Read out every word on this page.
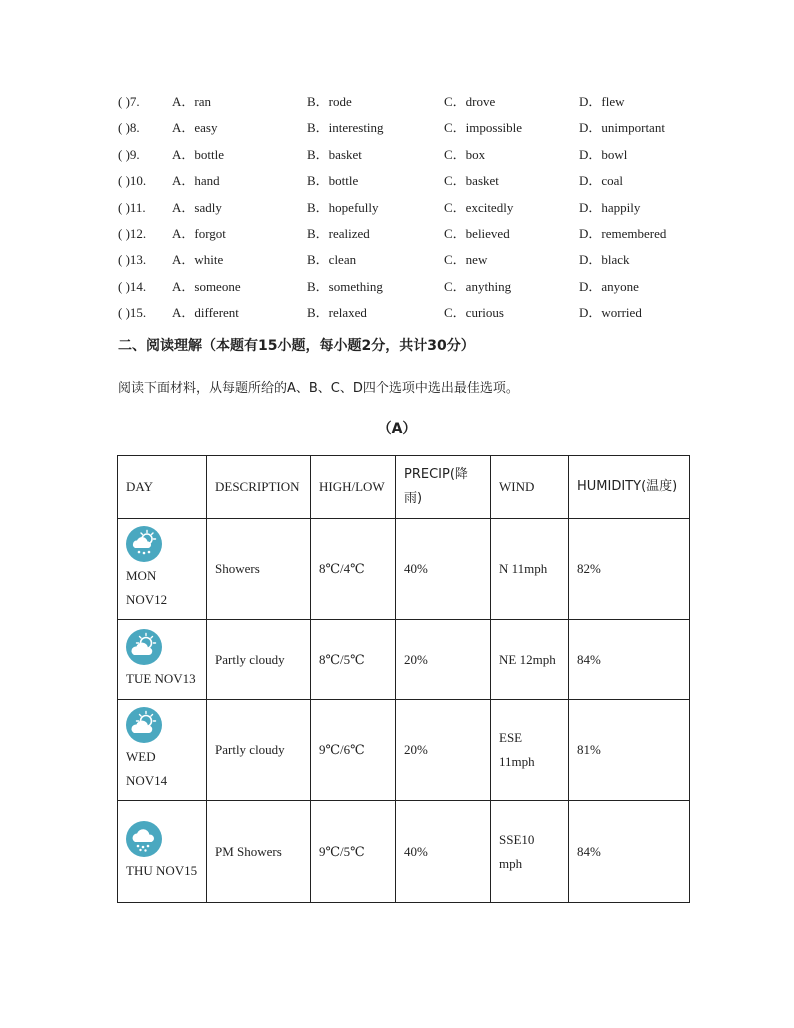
( )7. A．ran	B．rode	C．drove	D．flew
( )8. A．easy	B．interesting	C．impossible	D．unimportant
( )9. A．bottle	B．basket	C．box	D．bowl
( )10. A．hand	B．bottle	C．basket	D．coal
( )11. A．sadly	B．hopefully	C．excitedly	D．happily
( )12. A．forgot	B．realized	C．believed	D．remembered
( )13. A．white	B．clean	C．new	D．black
( )14. A．someone	B．something	C．anything	D．anyone
( )15. A．different	B．relaxed	C．curious	D．worried
二、阅读理解（本题有15小题，每小题2分，共计30分）
阅读下面材料，从每题所给的A、B、C、D四个选项中选出最佳选项。
（A）
DAY	DESCRIPTION	HIGH/LOW	PRECIP(降雨)	WIND	HUMIDITY(温度)

MON NOV12	Showers	8℃/4℃	40%	N 11mph	82%

TUE NOV13	Partly cloudy	8℃/5℃	20%	NE 12mph	84%

WED NOV14	Partly cloudy	9℃/6℃	20%	ESE 11mph	81%

THU NOV15	PM Showers	9℃/5℃	40%	SSE10 mph	84%
